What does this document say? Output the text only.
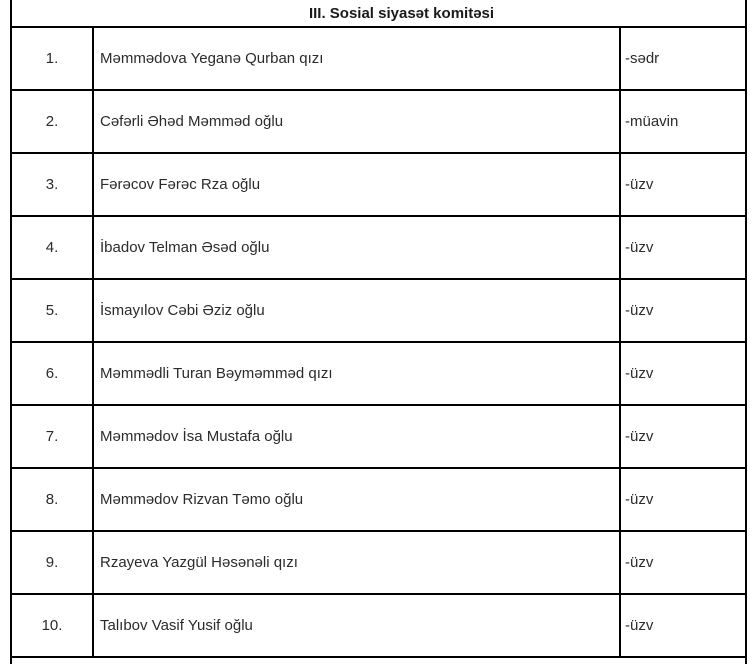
III. Sosial siyasət komitəsi
1.	Məmmədova Yeganə Qurban qızı	-sədr
2.	Cəfərli Əhəd Məmməd oğlu	-müavin
3.	Fərəcov Fərəc Rza oğlu	-üzv
4.	İbadov Telman Əsəd oğlu	-üzv
5.	İsmayılov Cəbi Əziz oğlu	-üzv
6.	Məmmədli Turan Bəyməmməd qızı	-üzv
7.	Məmmədov İsa Mustafa oğlu	-üzv
8.	Məmmədov Rizvan Təmo oğlu	-üzv
9.	Rzayeva Yazgül Həsənəli qızı	-üzv
10.	Talıbov Vasif Yusif oğlu	-üzv
